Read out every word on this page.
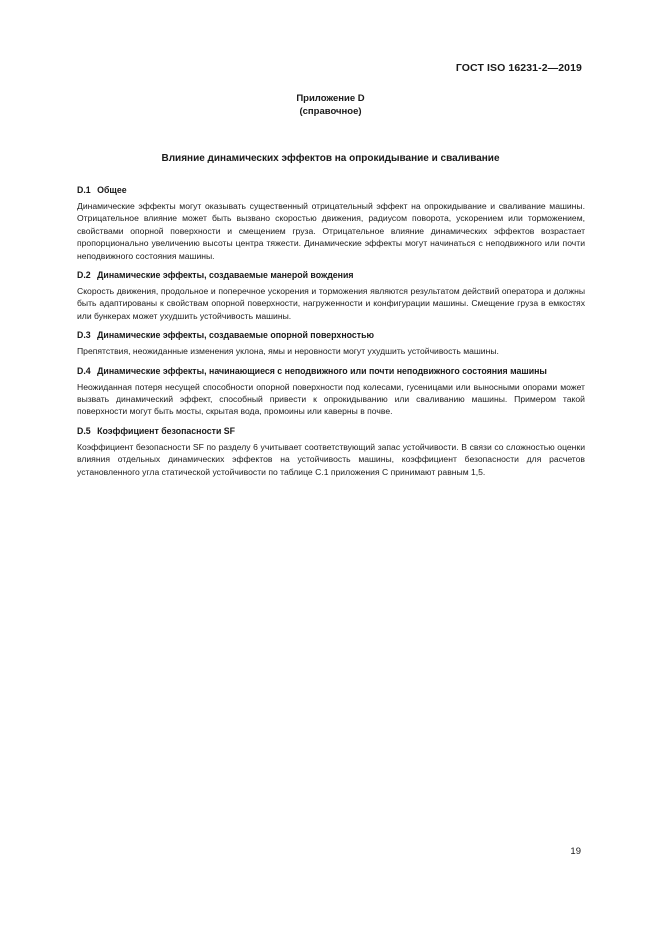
ГОСТ ISO 16231-2—2019
Приложение D
(справочное)
Влияние динамических эффектов на опрокидывание и сваливание
D.1 Общее

Динамические эффекты могут оказывать существенный отрицательный эффект на опрокидывание и сваливание машины. Отрицательное влияние может быть вызвано скоростью движения, радиусом поворота, ускорением или торможением, свойствами опорной поверхности и смещением груза. Отрицательное влияние динамических эффектов возрастает пропорционально увеличению высоты центра тяжести. Динамические эффекты могут начинаться с неподвижного или почти неподвижного состояния машины.

D.2 Динамические эффекты, создаваемые манерой вождения

Скорость движения, продольное и поперечное ускорения и торможения являются результатом действий оператора и должны быть адаптированы к свойствам опорной поверхности, нагруженности и конфигурации машины. Смещение груза в емкостях или бункерах может ухудшить устойчивость машины.

D.3 Динамические эффекты, создаваемые опорной поверхностью

Препятствия, неожиданные изменения уклона, ямы и неровности могут ухудшить устойчивость машины.

D.4 Динамические эффекты, начинающиеся с неподвижного или почти неподвижного состояния машины

Неожиданная потеря несущей способности опорной поверхности под колесами, гусеницами или выносными опорами может вызвать динамический эффект, способный привести к опрокидыванию или сваливанию машины. Примером такой поверхности могут быть мосты, скрытая вода, промоины или каверны в почве.

D.5 Коэффициент безопасности SF

Коэффициент безопасности SF по разделу 6 учитывает соответствующий запас устойчивости. В связи со сложностью оценки влияния отдельных динамических эффектов на устойчивость машины, коэффициент безопасности для расчетов установленного угла статической устойчивости по таблице С.1 приложения С принимают равным 1,5.

19
